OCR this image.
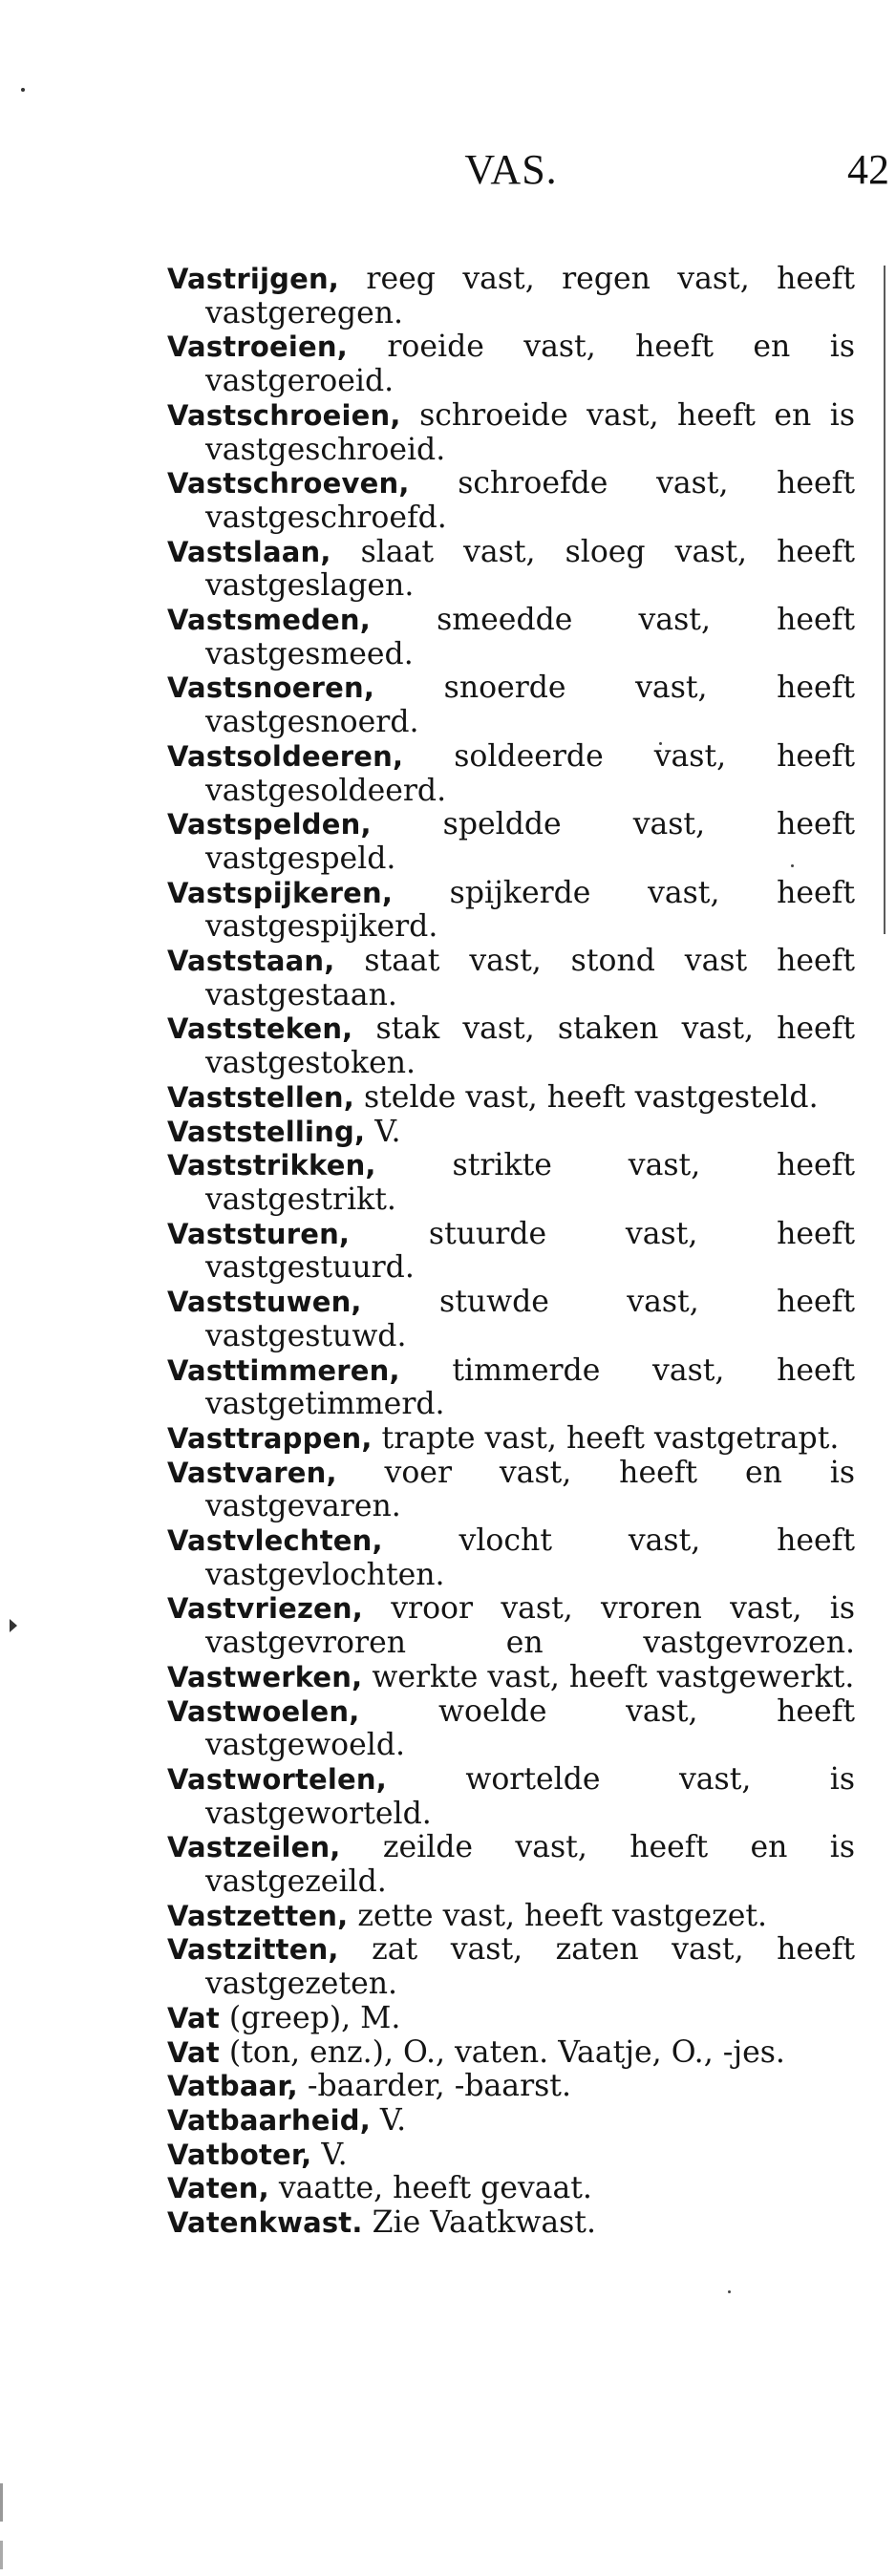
VAS.	42
Vastrijgen, reeg vast, regen vast, heeft vastgeregen.
Vastroeien, roeide vast, heeft en is vastgeroeid.
Vastschroeien, schroeide vast, heeft en is vastgeschroeid.
Vastschroeven, schroefde vast, heeft vastgeschroefd.
Vastslaan, slaat vast, sloeg vast, heeft vastgeslagen.
Vastsmeden, smeedde vast, heeft vastgesmeed.
Vastsnoeren, snoerde vast, heeft vastgesnoerd.
Vastsoldeeren, soldeerde vast, heeft vastgesoldeerd.
Vastspelden, speldde vast, heeft vastgespeld.
Vastspijkeren, spijkerde vast, heeft vastgespijkerd.
Vaststaan, staat vast, stond vast heeft vastgestaan.
Vaststeken, stak vast, staken vast, heeft vastgestoken.
Vaststellen, stelde vast, heeft vastgesteld.
Vaststelling, V.
Vaststrikken, strikte vast, heeft vastgestrikt.
Vaststuren, stuurde vast, heeft vastgestuurd.
Vaststuwen, stuwde vast, heeft vastgestuwd.
Vasttimmeren, timmerde vast, heeft vastgetimmerd.
Vasttrappen, trapte vast, heeft vastgetrapt.
Vastvaren, voer vast, heeft en is vastgevaren.
Vastvlechten, vlocht vast, heeft vastgevlochten.
Vastvriezen, vroor vast, vroren vast, is vastgevroren en vastgevrozen.
Vastwerken, werkte vast, heeft vastgewerkt.
Vastwoelen, woelde vast, heeft vastgewoeld.
Vastwortelen, wortelde vast, is vastgeworteld.
Vastzeilen, zeilde vast, heeft en is vastgezeild.
Vastzetten, zette vast, heeft vastgezet.
Vastzitten, zat vast, zaten vast, heeft vastgezeten.
Vat (greep), M.
Vat (ton, enz.), O., vaten. Vaatje, O., -jes.
Vatbaar, -baarder, -baarst.
Vatbaarheid, V.
Vatboter, V.
Vaten, vaatte, heeft gevaat.
Vatenkwast. Zie Vaatkwast.
